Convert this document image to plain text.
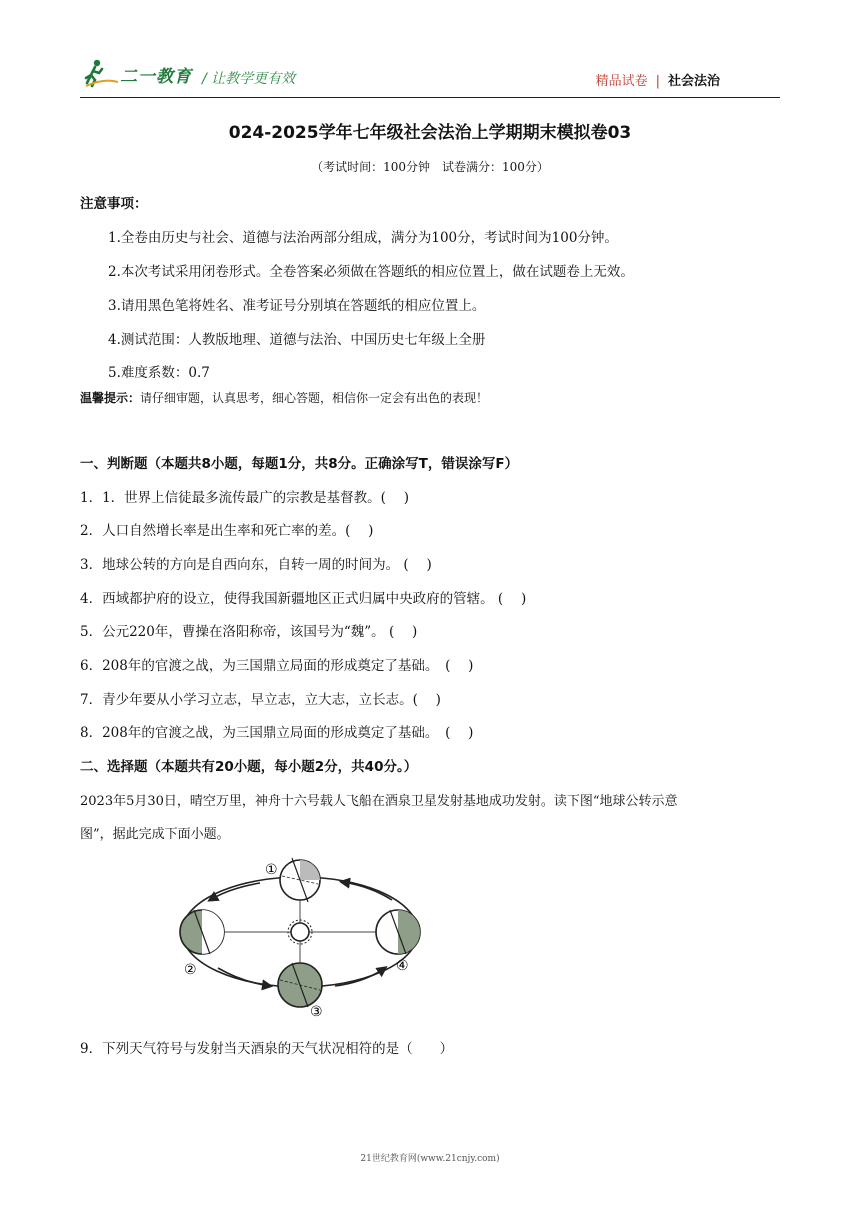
二一教育 / 让教学更有效	精品试卷 | 社会法治
024-2025学年七年级社会法治上学期期末模拟卷03
（考试时间：100分钟　试卷满分：100分）
注意事项：
1.全卷由历史与社会、道德与法治两部分组成，满分为100分，考试时间为100分钟。
2.本次考试采用闭卷形式。全卷答案必须做在答题纸的相应位置上，做在试题卷上无效。
3.请用黑色笔将姓名、准考证号分别填在答题纸的相应位置上。
4.测试范围：人教版地理、道德与法治、中国历史七年级上全册
5.难度系数：0.7
温馨提示：请仔细审题，认真思考，细心答题，相信你一定会有出色的表现！
一、判断题（本题共8小题，每题1分，共8分。正确涂写T，错误涂写F）
1．1．世界上信徒最多流传最广的宗教是基督教。(　 )
2．人口自然增长率是出生率和死亡率的差。(　 )
3．地球公转的方向是自西向东，自转一周的时间为。 (　 )
4．西域都护府的设立，使得我国新疆地区正式归属中央政府的管辖。 (　 )
5．公元220年，曹操在洛阳称帝，该国号为“魏”。 (　 )
6．208年的官渡之战，为三国鼎立局面的形成奠定了基础。　(　 )
7．青少年要从小学习立志，早立志，立大志，立长志。(　 )
8．208年的官渡之战，为三国鼎立局面的形成奠定了基础。　(　 )
二、选择题（本题共有20小题，每小题2分，共40分。）
2023年5月30日，晴空万里，神舟十六号载人飞船在酒泉卫星发射基地成功发射。读下图“地球公转示意
图”，据此完成下面小题。
①
②
③
④
9．下列天气符号与发射当天酒泉的天气状况相符的是（　　）
21世纪教育网(www.21cnjy.com)
